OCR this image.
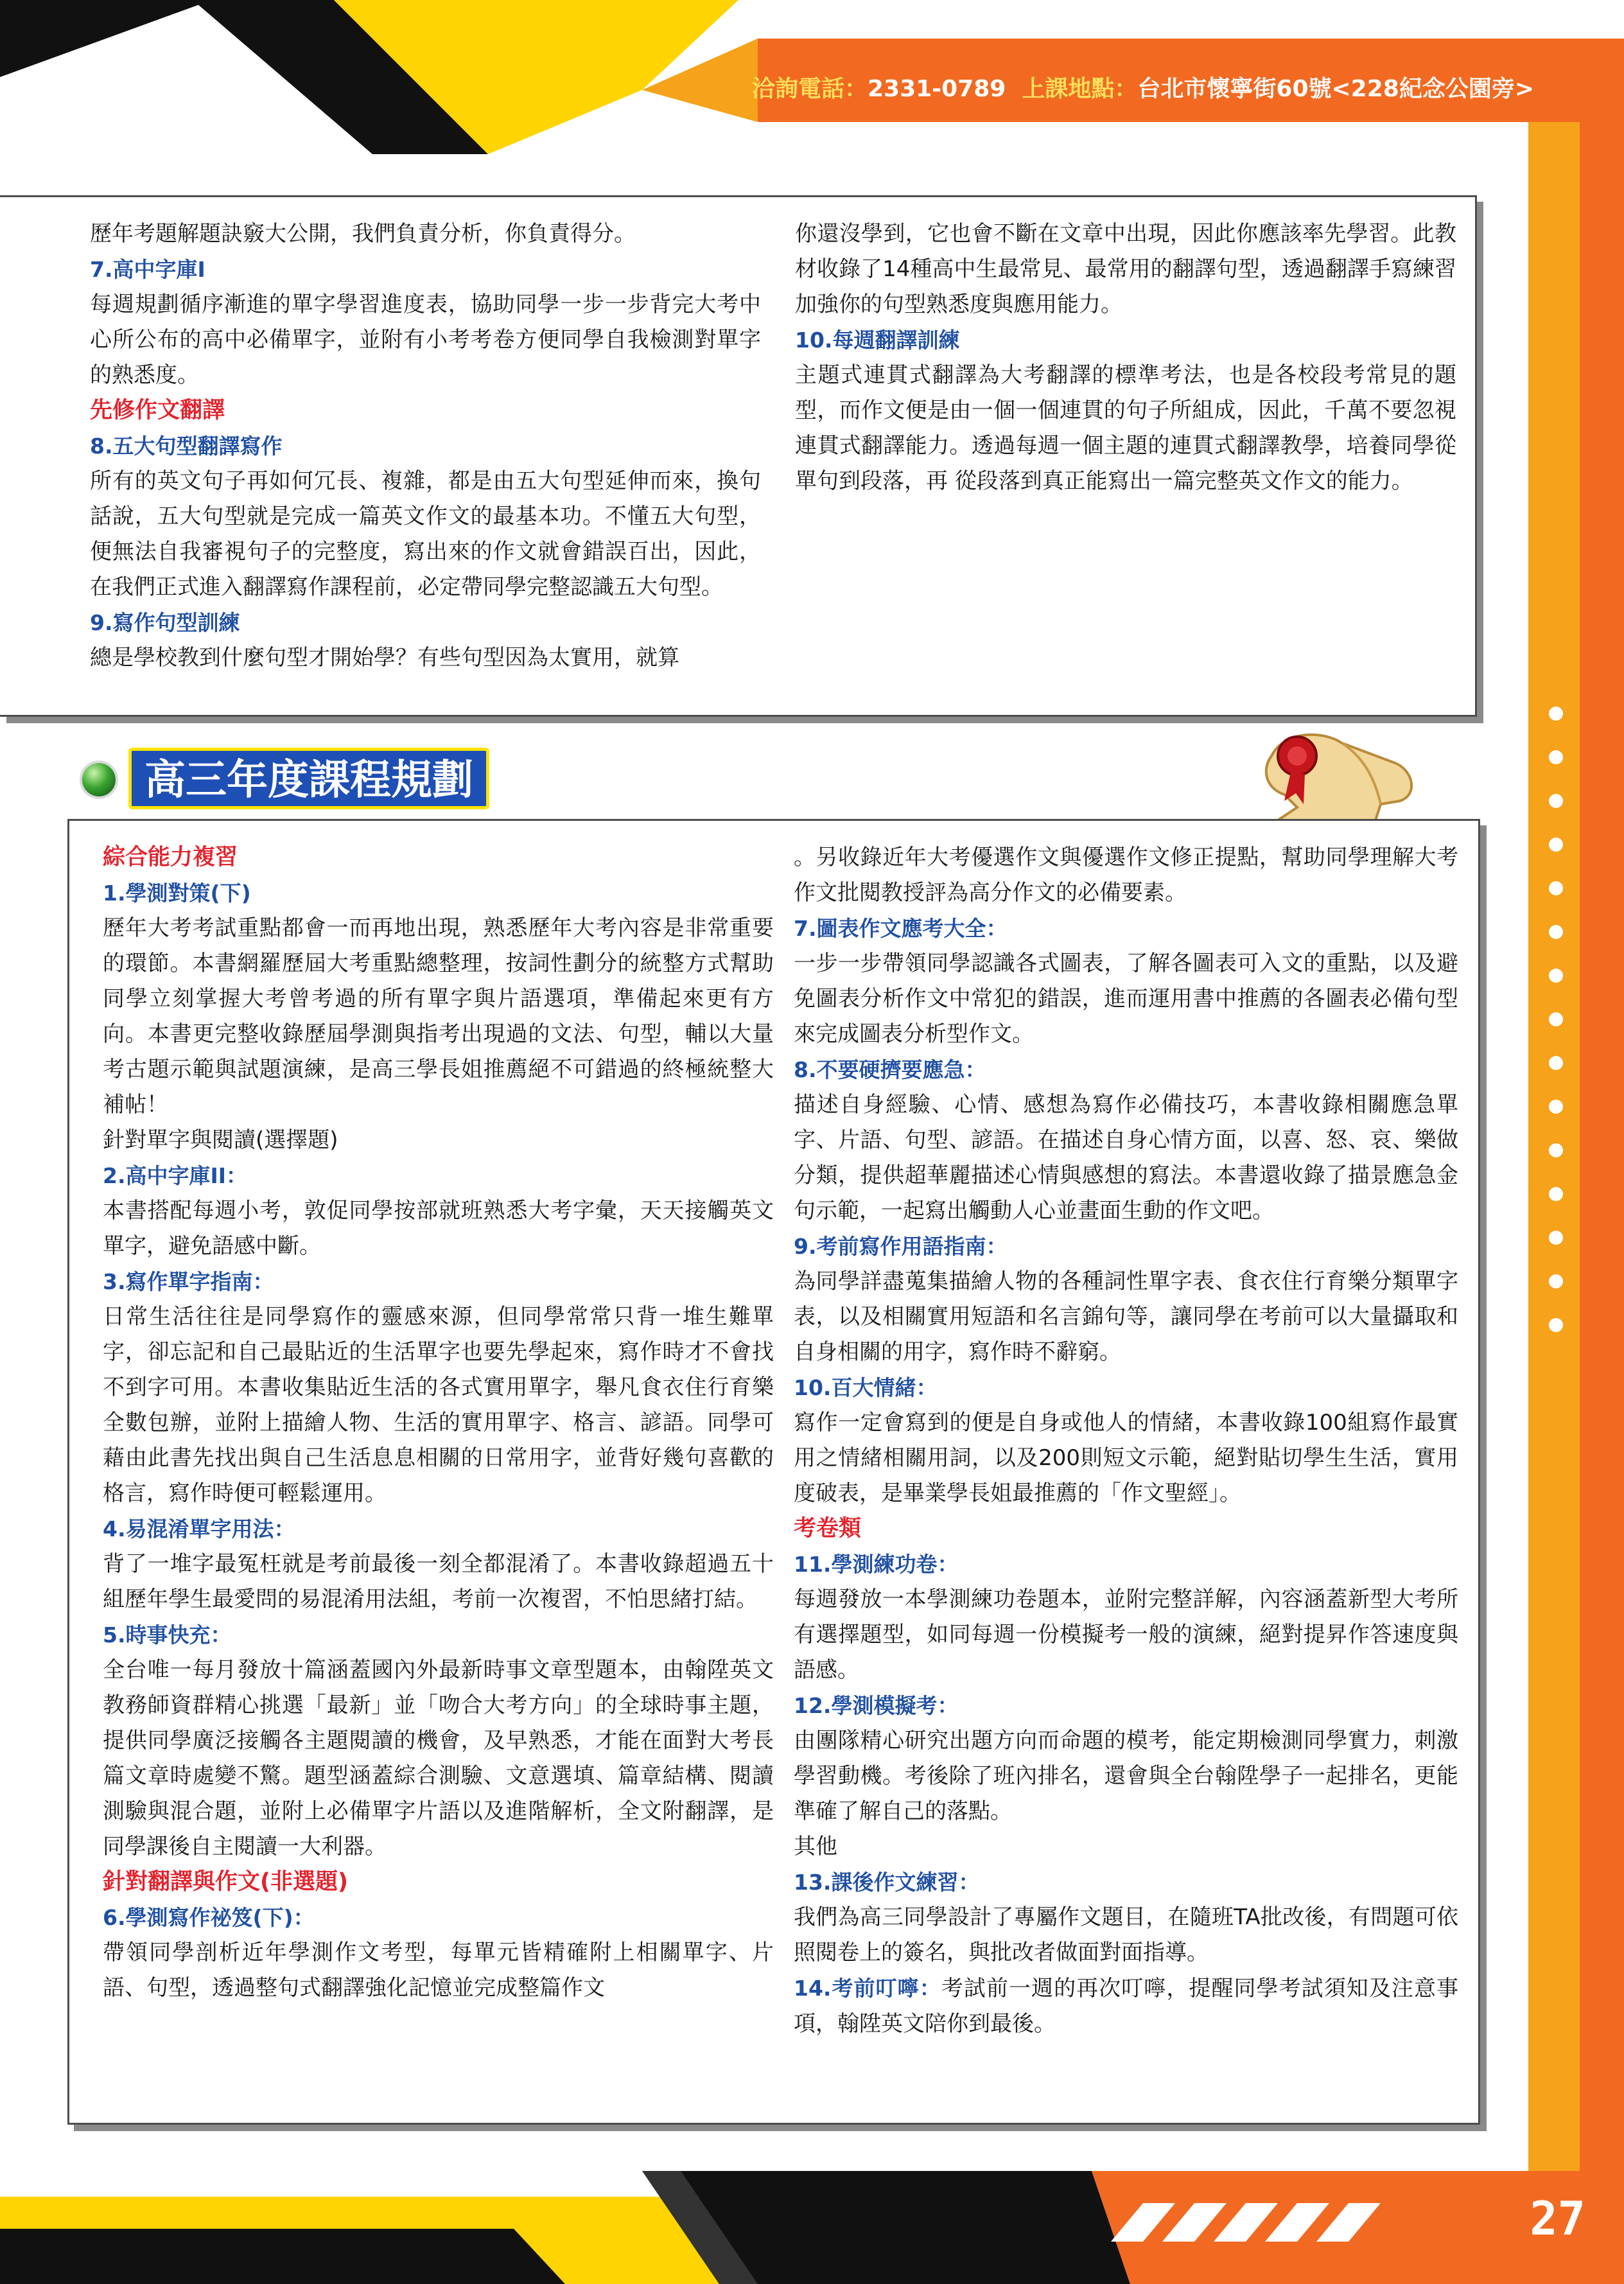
洽詢電話：2331-0789 上課地點：台北市懷寧街60號<228紀念公園旁>

歷年考題解題訣竅大公開，我們負責分析，你負責得分。

7.高中字庫I

每週規劃循序漸進的單字學習進度表，協助同學一步一步背完大考中心所公布的高中必備單字，並附有小考考卷方便同學自我檢測對單字的熟悉度。

先修作文翻譯

8.五大句型翻譯寫作

所有的英文句子再如何冗長、複雜，都是由五大句型延伸而來，換句話說，五大句型就是完成一篇英文作文的最基本功。不懂五大句型，便無法自我審視句子的完整度，寫出來的作文就會錯誤百出，因此，在我們正式進入翻譯寫作課程前，必定帶同學完整認識五大句型。

9.寫作句型訓練

總是學校教到什麼句型才開始學？有些句型因為太實用，就算

你還沒學到，它也會不斷在文章中出現，因此你應該率先學習。此教材收錄了14種高中生最常見、最常用的翻譯句型，透過翻譯手寫練習加強你的句型熟悉度與應用能力。

10.每週翻譯訓練

主題式連貫式翻譯為大考翻譯的標準考法，也是各校段考常見的題型，而作文便是由一個一個連貫的句子所組成，因此，千萬不要忽視連貫式翻譯能力。透過每週一個主題的連貫式翻譯教學，培養同學從單句到段落，再 從段落到真正能寫出一篇完整英文作文的能力。

高三年度課程規劃

綜合能力複習

1.學測對策(下)

歷年大考考試重點都會一而再地出現，熟悉歷年大考內容是非常重要的環節。本書網羅歷屆大考重點總整理，按詞性劃分的統整方式幫助同學立刻掌握大考曾考過的所有單字與片語選項，準備起來更有方向。本書更完整收錄歷屆學測與指考出現過的文法、句型，輔以大量考古題示範與試題演練，是高三學長姐推薦絕不可錯過的終極統整大補帖！

針對單字與閱讀(選擇題)

2.高中字庫II：

本書搭配每週小考，敦促同學按部就班熟悉大考字彙，天天接觸英文單字，避免語感中斷。

3.寫作單字指南：

日常生活往往是同學寫作的靈感來源，但同學常常只背一堆生難單字，卻忘記和自己最貼近的生活單字也要先學起來，寫作時才不會找不到字可用。本書收集貼近生活的各式實用單字，舉凡食衣住行育樂全數包辦，並附上描繪人物、生活的實用單字、格言、諺語。同學可藉由此書先找出與自己生活息息相關的日常用字，並背好幾句喜歡的格言，寫作時便可輕鬆運用。

4.易混淆單字用法：

背了一堆字最冤枉就是考前最後一刻全都混淆了。本書收錄超過五十組歷年學生最愛問的易混淆用法組，考前一次複習，不怕思緒打結。

5.時事快充：

全台唯一每月發放十篇涵蓋國內外最新時事文章型題本，由翰陞英文教務師資群精心挑選「最新」並「吻合大考方向」的全球時事主題，提供同學廣泛接觸各主題閱讀的機會，及早熟悉，才能在面對大考長篇文章時處變不驚。題型涵蓋綜合測驗、文意選填、篇章結構、閱讀測驗與混合題，並附上必備單字片語以及進階解析，全文附翻譯，是同學課後自主閱讀一大利器。

針對翻譯與作文(非選題)

6.學測寫作祕笈(下)：

帶領同學剖析近年學測作文考型，每單元皆精確附上相關單字、片語、句型，透過整句式翻譯強化記憶並完成整篇作文

。另收錄近年大考優選作文與優選作文修正提點，幫助同學理解大考作文批閱教授評為高分作文的必備要素。

7.圖表作文應考大全：

一步一步帶領同學認識各式圖表，了解各圖表可入文的重點，以及避免圖表分析作文中常犯的錯誤，進而運用書中推薦的各圖表必備句型來完成圖表分析型作文。

8.不要硬擠要應急：

描述自身經驗、心情、感想為寫作必備技巧，本書收錄相關應急單字、片語、句型、諺語。在描述自身心情方面，以喜、怒、哀、樂做分類，提供超華麗描述心情與感想的寫法。本書還收錄了描景應急金句示範，一起寫出觸動人心並畫面生動的作文吧。

9.考前寫作用語指南：

為同學詳盡蒐集描繪人物的各種詞性單字表、食衣住行育樂分類單字表，以及相關實用短語和名言錦句等，讓同學在考前可以大量攝取和自身相關的用字，寫作時不辭窮。

10.百大情緒：

寫作一定會寫到的便是自身或他人的情緒，本書收錄100組寫作最實用之情緒相關用詞，以及200則短文示範，絕對貼切學生生活，實用度破表，是畢業學長姐最推薦的「作文聖經」。

考卷類

11.學測練功卷：

每週發放一本學測練功卷題本，並附完整詳解，內容涵蓋新型大考所有選擇題型，如同每週一份模擬考一般的演練，絕對提昇作答速度與語感。

12.學測模擬考：

由團隊精心研究出題方向而命題的模考，能定期檢測同學實力，刺激學習動機。考後除了班內排名，還會與全台翰陞學子一起排名，更能準確了解自己的落點。

其他

13.課後作文練習：

我們為高三同學設計了專屬作文題目，在隨班TA批改後，有問題可依照閱卷上的簽名，與批改者做面對面指導。

14.考前叮嚀：考試前一週的再次叮嚀，提醒同學考試須知及注意事項，翰陞英文陪你到最後。

27
